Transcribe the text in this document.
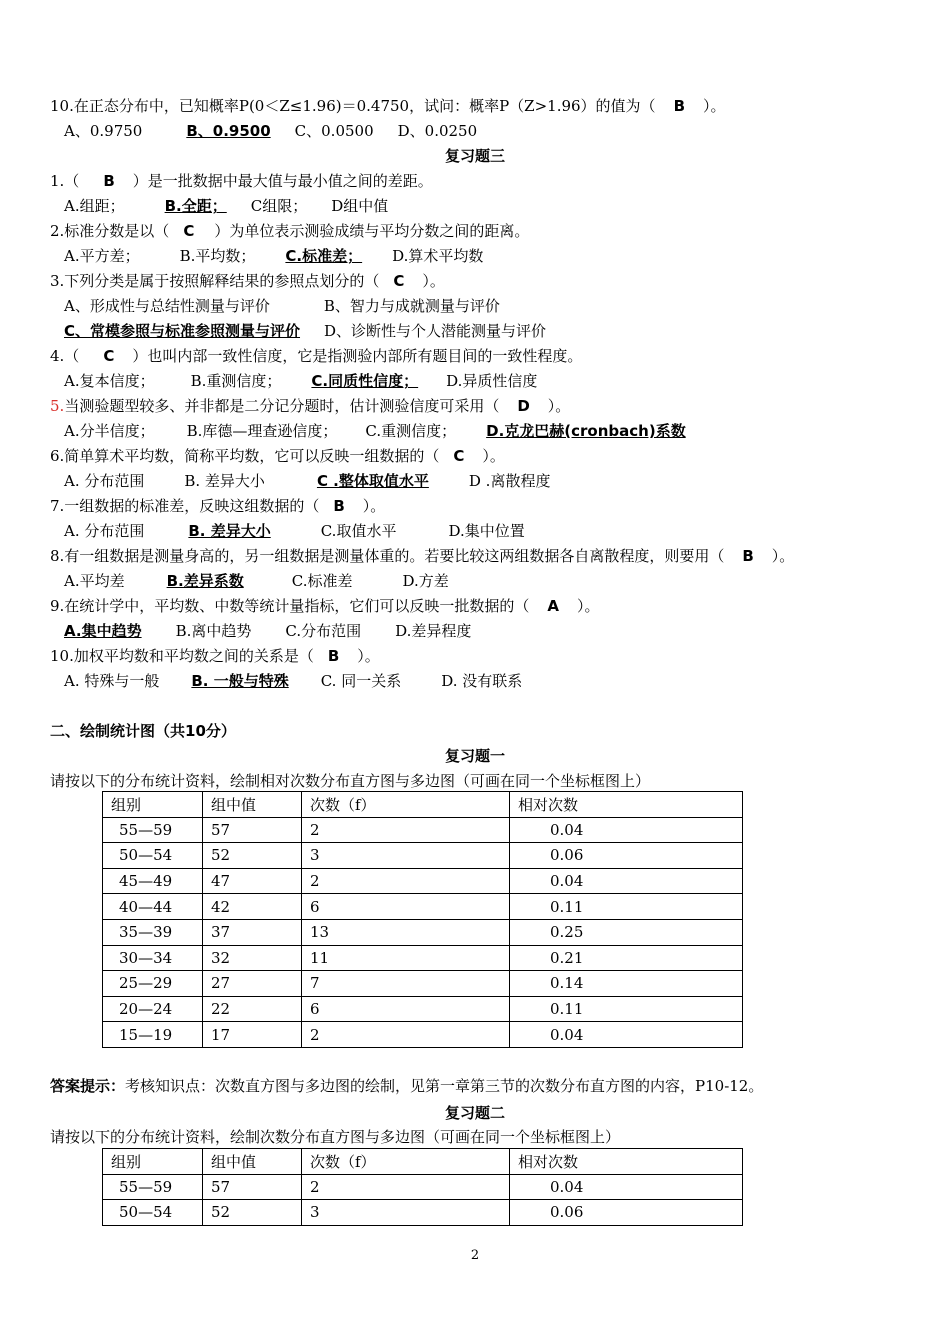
10.在正态分布中，已知概率P(0＜Z≤1.96)＝0.4750，试问：概率P（Z>1.96）的值为（ B ）。
A、0.9750	B、0.9500 C、0.0500 D、0.0250
复习题三
1.（ B ）是一批数据中最大值与最小值之间的差距。
A.组距；	B.全距； C组限； D组中值
2.标准分数是以（ C ）为单位表示测验成绩与平均分数之间的距离。
A.平方差；	B.平均数； C.标准差； D.算术平均数
3.下列分类是属于按照解释结果的参照点划分的（ C ）。
A、形成性与总结性测量与评价	B、智力与成就测量与评价
C、常模参照与标准参照测量与评价 D、诊断性与个人潜能测量与评价
4.（ C ）也叫内部一致性信度，它是指测验内部所有题目间的一致性程度。
A.复本信度； B.重测信度； C.同质性信度； D.异质性信度
5.当测验题型较多、并非都是二分记分题时，估计测验信度可采用（ D ）。
A.分半信度； B.库德—理查逊信度； C.重测信度； D.克龙巴赫(cronbach)系数
6.简单算术平均数，简称平均数，它可以反映一组数据的（ C ）。
A. 分布范围	B. 差异大小	C .整体取值水平	D .离散程度
7.一组数据的标准差，反映这组数据的（ B ）。
A. 分布范围	B. 差异大小	C.取值水平	D.集中位置
8.有一组数据是测量身高的，另一组数据是测量体重的。若要比较这两组数据各自离散程度，则要用（ B ）。
A.平均差	B.差异系数	C.标准差	D.方差
9.在统计学中，平均数、中数等统计量指标，它们可以反映一批数据的（ A ）。
A.集中趋势 B.离中趋势 C.分布范围 D.差异程度
10.加权平均数和平均数之间的关系是（ B ）。
A. 特殊与一般 B. 一般与特殊 C. 同一关系	D. 没有联系
二、绘制统计图（共10分）
复习题一
请按以下的分布统计资料，绘制相对次数分布直方图与多边图（可画在同一个坐标框图上）
组别	组中值	次数（f）	相对次数
55—59	57	2	0.04
50—54	52	3	0.06
45—49	47	2	0.04
40—44	42	6	0.11
35—39	37	13	0.25
30—34	32	11	0.21
25—29	27	7	0.14
20—24	22	6	0.11
15—19	17	2	0.04
答案提示：考核知识点：次数直方图与多边图的绘制，见第一章第三节的次数分布直方图的内容，P10-12。
复习题二
请按以下的分布统计资料，绘制次数分布直方图与多边图（可画在同一个坐标框图上）
组别	组中值	次数（f）	相对次数
55—59	57	2	0.04
50—54	52	3	0.06
2
